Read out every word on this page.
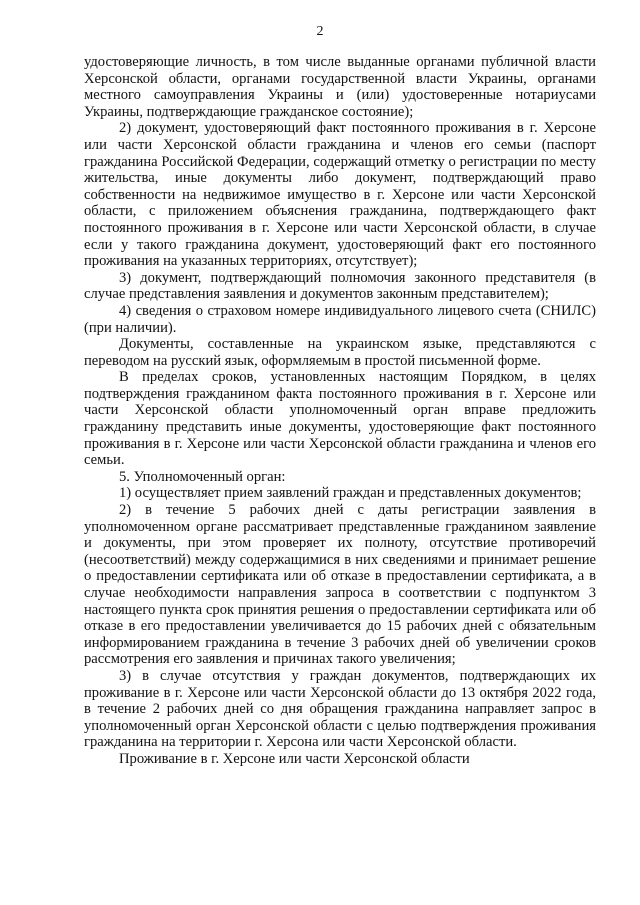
2

удостоверяющие личность, в том числе выданные органами публичной власти Херсонской области, органами государственной власти Украины, органами местного самоуправления Украины и (или) удостоверенные нотариусами Украины, подтверждающие гражданское состояние);

2) документ, удостоверяющий факт постоянного проживания в г. Херсоне или части Херсонской области гражданина и членов его семьи (паспорт гражданина Российской Федерации, содержащий отметку о регистрации по месту жительства, иные документы либо документ, подтверждающий право собственности на недвижимое имущество в г. Херсоне или части Херсонской области, с приложением объяснения гражданина, подтверждающего факт постоянного проживания в г. Херсоне или части Херсонской области, в случае если у такого гражданина документ, удостоверяющий факт его постоянного проживания на указанных территориях, отсутствует);

3) документ, подтверждающий полномочия законного представителя (в случае представления заявления и документов законным представителем);

4) сведения о страховом номере индивидуального лицевого счета (СНИЛС) (при наличии).

Документы, составленные на украинском языке, представляются с переводом на русский язык, оформляемым в простой письменной форме.

В пределах сроков, установленных настоящим Порядком, в целях подтверждения гражданином факта постоянного проживания в г. Херсоне или части Херсонской области уполномоченный орган вправе предложить гражданину представить иные документы, удостоверяющие факт постоянного проживания в г. Херсоне или части Херсонской области гражданина и членов его семьи.

5. Уполномоченный орган:

1) осуществляет прием заявлений граждан и представленных документов;

2) в течение 5 рабочих дней с даты регистрации заявления в уполномоченном органе рассматривает представленные гражданином заявление и документы, при этом проверяет их полноту, отсутствие противоречий (несоответствий) между содержащимися в них сведениями и принимает решение о предоставлении сертификата или об отказе в предоставлении сертификата, а в случае необходимости направления запроса в соответствии с подпунктом 3 настоящего пункта срок принятия решения о предоставлении сертификата или об отказе в его предоставлении увеличивается до 15 рабочих дней с обязательным информированием гражданина в течение 3 рабочих дней об увеличении сроков рассмотрения его заявления и причинах такого увеличения;

3) в случае отсутствия у граждан документов, подтверждающих их проживание в г. Херсоне или части Херсонской области до 13 октября 2022 года, в течение 2 рабочих дней со дня обращения гражданина направляет запрос в уполномоченный орган Херсонской области с целью подтверждения проживания гражданина на территории г. Херсона или части Херсонской области.

Проживание в г. Херсоне или части Херсонской области
